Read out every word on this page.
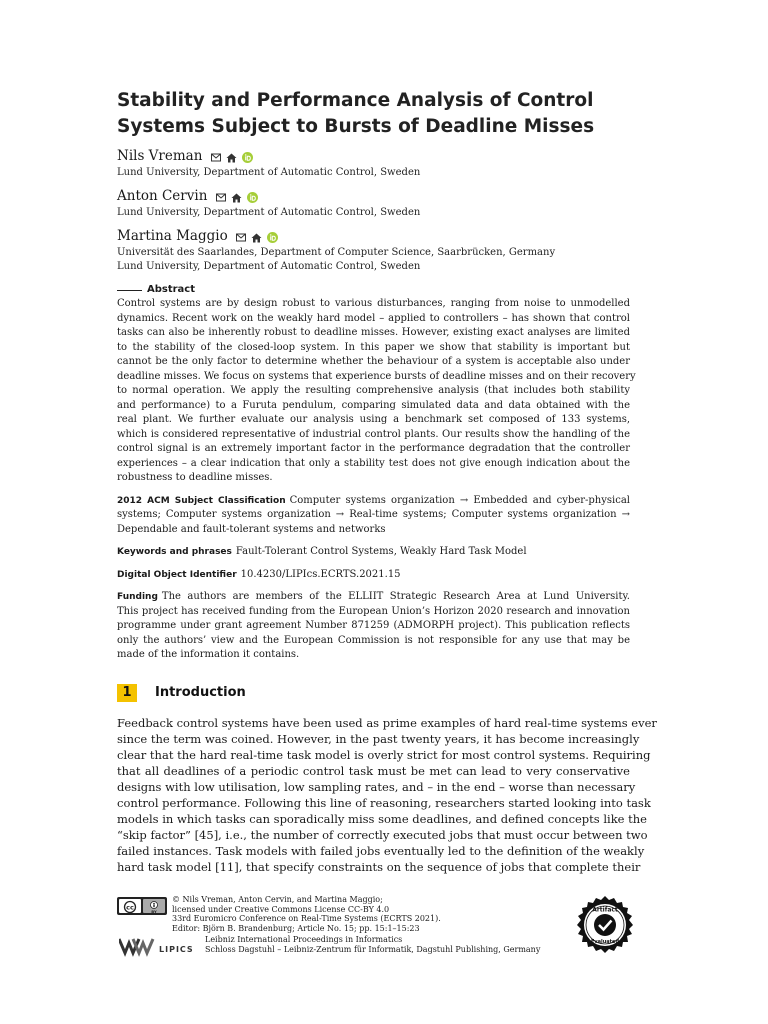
Stability and Performance Analysis of Control
Systems Subject to Bursts of Deadline Misses
Nils Vreman
Lund University, Department of Automatic Control, Sweden
Anton Cervin
Lund University, Department of Automatic Control, Sweden
Martina Maggio
Universität des Saarlandes, Department of Computer Science, Saarbrücken, Germany
Lund University, Department of Automatic Control, Sweden
Abstract
Control systems are by design robust to various disturbances, ranging from noise to unmodelled
dynamics. Recent work on the weakly hard model – applied to controllers – has shown that control
tasks can also be inherently robust to deadline misses. However, existing exact analyses are limited
to the stability of the closed-loop system. In this paper we show that stability is important but
cannot be the only factor to determine whether the behaviour of a system is acceptable also under
deadline misses. We focus on systems that experience bursts of deadline misses and on their recovery
to normal operation. We apply the resulting comprehensive analysis (that includes both stability
and performance) to a Furuta pendulum, comparing simulated data and data obtained with the
real plant. We further evaluate our analysis using a benchmark set composed of 133 systems,
which is considered representative of industrial control plants. Our results show the handling of the
control signal is an extremely important factor in the performance degradation that the controller
experiences – a clear indication that only a stability test does not give enough indication about the
robustness to deadline misses.
2012 ACM Subject Classification Computer systems organization → Embedded and cyber-physical
systems; Computer systems organization → Real-time systems; Computer systems organization →
Dependable and fault-tolerant systems and networks
Keywords and phrases Fault-Tolerant Control Systems, Weakly Hard Task Model
Digital Object Identifier 10.4230/LIPIcs.ECRTS.2021.15
Funding The authors are members of the ELLIIT Strategic Research Area at Lund University.
This project has received funding from the European Union’s Horizon 2020 research and innovation
programme under grant agreement Number 871259 (ADMORPH project). This publication reflects
only the authors’ view and the European Commission is not responsible for any use that may be
made of the information it contains.
1	Introduction
Feedback control systems have been used as prime examples of hard real-time systems ever
since the term was coined. However, in the past twenty years, it has become increasingly
clear that the hard real-time task model is overly strict for most control systems. Requiring
that all deadlines of a periodic control task must be met can lead to very conservative
designs with low utilisation, low sampling rates, and – in the end – worse than necessary
control performance. Following this line of reasoning, researchers started looking into task
models in which tasks can sporadically miss some deadlines, and defined concepts like the
“skip factor” [45], i.e., the number of correctly executed jobs that must occur between two
failed instances. Task models with failed jobs eventually led to the definition of the weakly
hard task model [11], that specify constraints on the sequence of jobs that complete their
cc	BY
© Nils Vreman, Anton Cervin, and Martina Maggio;
licensed under Creative Commons License CC-BY 4.0
33rd Euromicro Conference on Real-Time Systems (ECRTS 2021).
Editor: Björn B. Brandenburg; Article No. 15; pp. 15:1–15:23
LIPICS
Leibniz International Proceedings in Informatics
Schloss Dagstuhl – Leibniz-Zentrum für Informatik, Dagstuhl Publishing, Germany
Artifact
Evaluated
